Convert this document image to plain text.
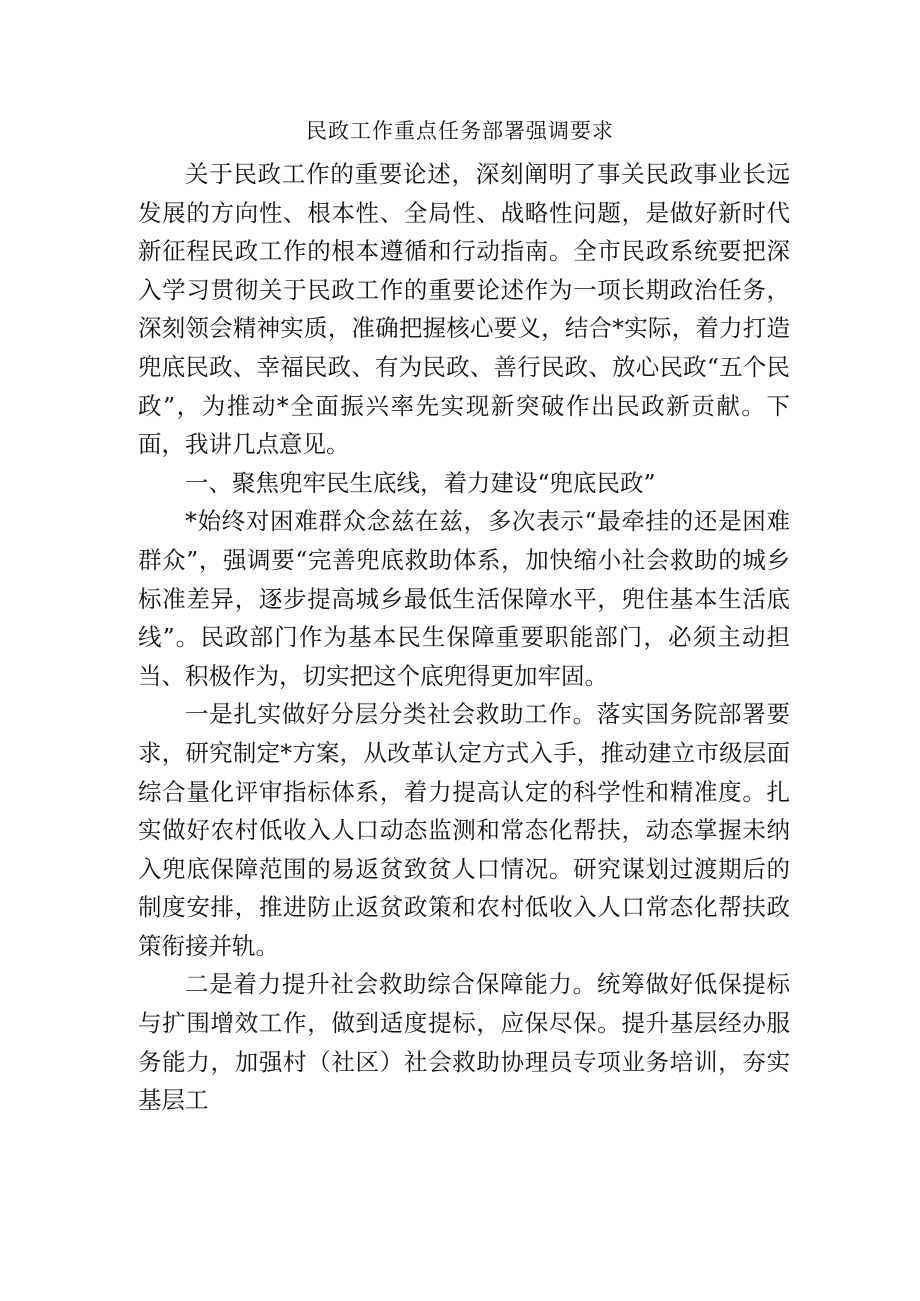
民政工作重点任务部署强调要求

关于民政工作的重要论述，深刻阐明了事关民政事业长远发展的方向性、根本性、全局性、战略性问题，是做好新时代新征程民政工作的根本遵循和行动指南。全市民政系统要把深入学习贯彻关于民政工作的重要论述作为一项长期政治任务，深刻领会精神实质，准确把握核心要义，结合*实际，着力打造兜底民政、幸福民政、有为民政、善行民政、放心民政“五个民政”，为推动*全面振兴率先实现新突破作出民政新贡献。下面，我讲几点意见。

一、聚焦兜牢民生底线，着力建设“兜底民政”

*始终对困难群众念兹在兹，多次表示“最牵挂的还是困难群众”，强调要“完善兜底救助体系，加快缩小社会救助的城乡标准差异，逐步提高城乡最低生活保障水平，兜住基本生活底线”。民政部门作为基本民生保障重要职能部门，必须主动担当、积极作为，切实把这个底兜得更加牢固。

一是扎实做好分层分类社会救助工作。落实国务院部署要求，研究制定*方案，从改革认定方式入手，推动建立市级层面综合量化评审指标体系，着力提高认定的科学性和精准度。扎实做好农村低收入人口动态监测和常态化帮扶，动态掌握未纳入兜底保障范围的易返贫致贫人口情况。研究谋划过渡期后的制度安排，推进防止返贫政策和农村低收入人口常态化帮扶政策衔接并轨。

二是着力提升社会救助综合保障能力。统筹做好低保提标与扩围增效工作，做到适度提标，应保尽保。提升基层经办服务能力，加强村（社区）社会救助协理员专项业务培训，夯实基层工
